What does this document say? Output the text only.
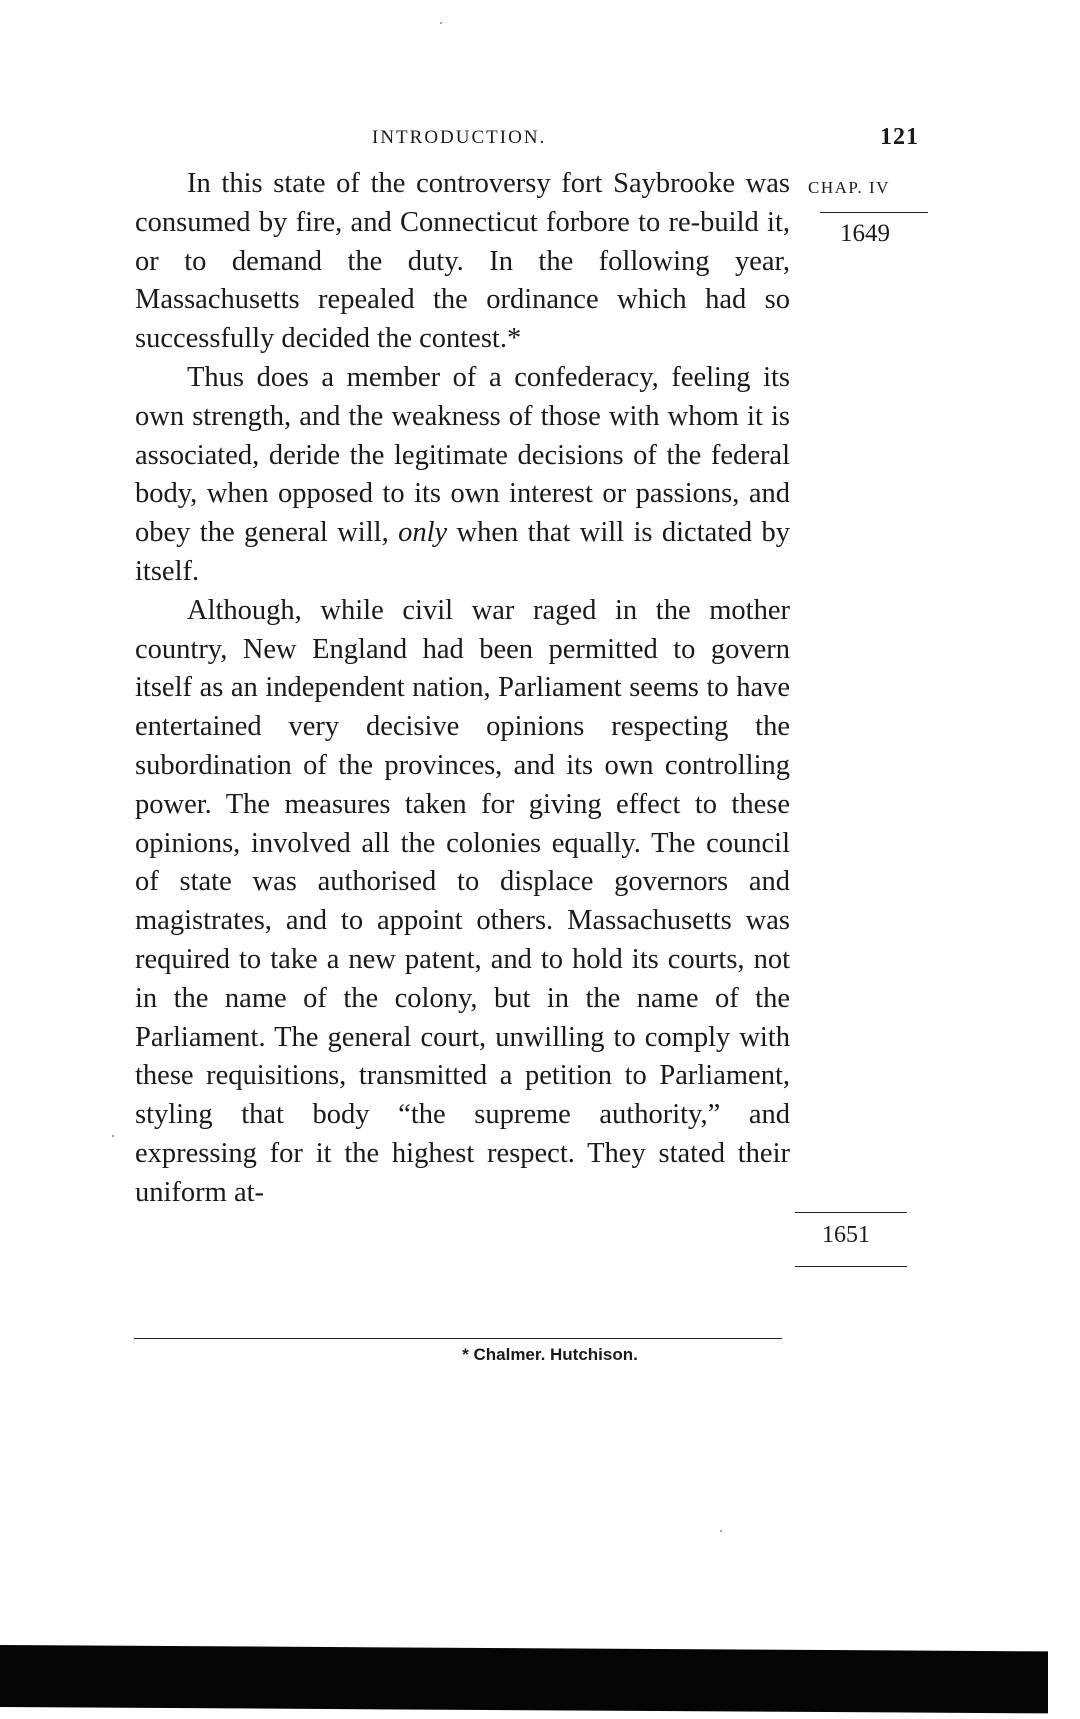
INTRODUCTION.	121
CHAP. IV
1649
1651

In this state of the controversy fort Saybrooke was consumed by fire, and Connecticut forbore to re-build it, or to demand the duty. In the following year, Massachusetts repealed the ordinance which had so successfully decided the contest.*

Thus does a member of a confederacy, feeling its own strength, and the weakness of those with whom it is associated, deride the legitimate decisions of the federal body, when opposed to its own interest or passions, and obey the general will, only when that will is dictated by itself.

Although, while civil war raged in the mother country, New England had been permitted to govern itself as an independent nation, Parliament seems to have entertained very decisive opinions respecting the subordination of the provinces, and its own controlling power. The measures taken for giving effect to these opinions, involved all the colonies equally. The council of state was authorised to displace governors and magistrates, and to appoint others. Massachusetts was required to take a new patent, and to hold its courts, not in the name of the colony, but in the name of the Parliament. The general court, unwilling to comply with these requisitions, transmitted a petition to Parliament, styling that body “the supreme authority,” and expressing for it the highest respect. They stated their uniform at-

* Chalmer. Hutchison.
